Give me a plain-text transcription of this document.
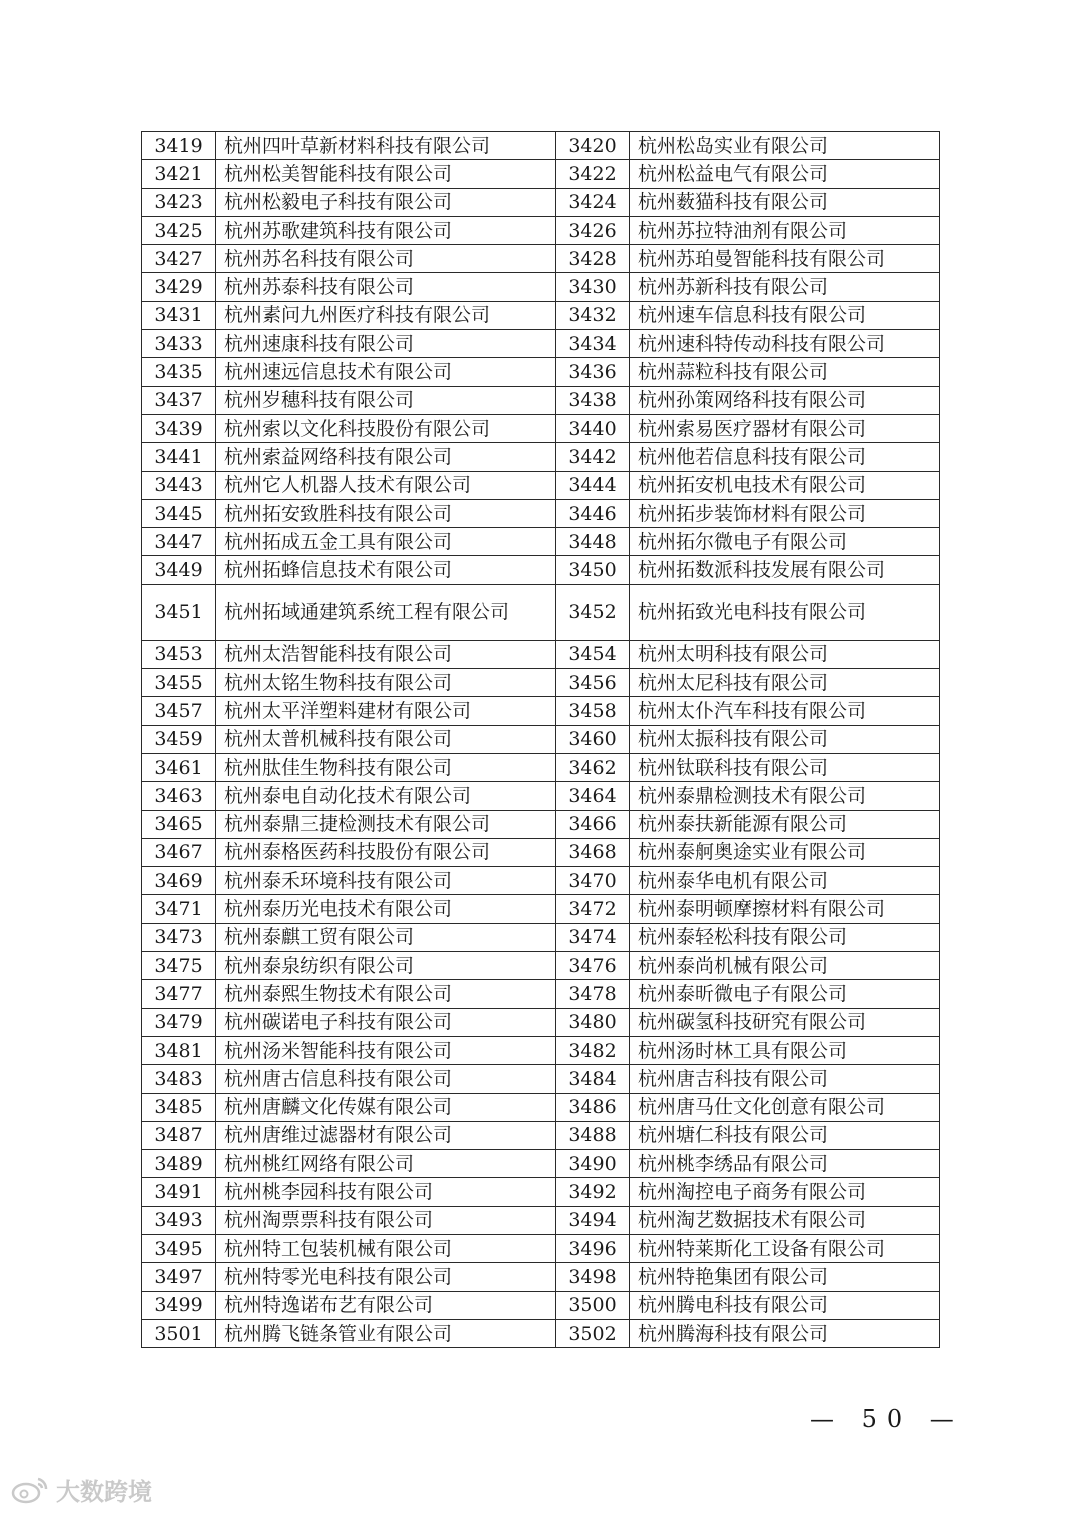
3419	杭州四叶草新材料科技有限公司	3420	杭州松岛实业有限公司
3421	杭州松美智能科技有限公司	3422	杭州松益电气有限公司
3423	杭州松毅电子科技有限公司	3424	杭州薮猫科技有限公司
3425	杭州苏歌建筑科技有限公司	3426	杭州苏拉特油剂有限公司
3427	杭州苏名科技有限公司	3428	杭州苏珀曼智能科技有限公司
3429	杭州苏泰科技有限公司	3430	杭州苏新科技有限公司
3431	杭州素问九州医疗科技有限公司	3432	杭州速车信息科技有限公司
3433	杭州速康科技有限公司	3434	杭州速科特传动科技有限公司
3435	杭州速远信息技术有限公司	3436	杭州蒜粒科技有限公司
3437	杭州岁穗科技有限公司	3438	杭州孙策网络科技有限公司
3439	杭州索以文化科技股份有限公司	3440	杭州索易医疗器材有限公司
3441	杭州索益网络科技有限公司	3442	杭州他若信息科技有限公司
3443	杭州它人机器人技术有限公司	3444	杭州拓安机电技术有限公司
3445	杭州拓安致胜科技有限公司	3446	杭州拓步装饰材料有限公司
3447	杭州拓成五金工具有限公司	3448	杭州拓尔微电子有限公司
3449	杭州拓蜂信息技术有限公司	3450	杭州拓数派科技发展有限公司
3451	杭州拓域通建筑系统工程有限公司	3452	杭州拓致光电科技有限公司
3453	杭州太浩智能科技有限公司	3454	杭州太明科技有限公司
3455	杭州太铭生物科技有限公司	3456	杭州太尼科技有限公司
3457	杭州太平洋塑料建材有限公司	3458	杭州太仆汽车科技有限公司
3459	杭州太普机械科技有限公司	3460	杭州太振科技有限公司
3461	杭州肽佳生物科技有限公司	3462	杭州钛联科技有限公司
3463	杭州泰电自动化技术有限公司	3464	杭州泰鼎检测技术有限公司
3465	杭州泰鼎三捷检测技术有限公司	3466	杭州泰扶新能源有限公司
3467	杭州泰格医药科技股份有限公司	3468	杭州泰舸奥途实业有限公司
3469	杭州泰禾环境科技有限公司	3470	杭州泰华电机有限公司
3471	杭州泰历光电技术有限公司	3472	杭州泰明顿摩擦材料有限公司
3473	杭州泰麒工贸有限公司	3474	杭州泰轻松科技有限公司
3475	杭州泰泉纺织有限公司	3476	杭州泰尚机械有限公司
3477	杭州泰熙生物技术有限公司	3478	杭州泰昕微电子有限公司
3479	杭州碳诺电子科技有限公司	3480	杭州碳氢科技研究有限公司
3481	杭州汤米智能科技有限公司	3482	杭州汤时林工具有限公司
3483	杭州唐古信息科技有限公司	3484	杭州唐吉科技有限公司
3485	杭州唐麟文化传媒有限公司	3486	杭州唐马仕文化创意有限公司
3487	杭州唐维过滤器材有限公司	3488	杭州塘仁科技有限公司
3489	杭州桃红网络有限公司	3490	杭州桃李绣品有限公司
3491	杭州桃李园科技有限公司	3492	杭州淘控电子商务有限公司
3493	杭州淘票票科技有限公司	3494	杭州淘艺数据技术有限公司
3495	杭州特工包装机械有限公司	3496	杭州特莱斯化工设备有限公司
3497	杭州特零光电科技有限公司	3498	杭州特艳集团有限公司
3499	杭州特逸诺布艺有限公司	3500	杭州腾电科技有限公司
3501	杭州腾飞链条管业有限公司	3502	杭州腾海科技有限公司
— 50 —
大数跨境
